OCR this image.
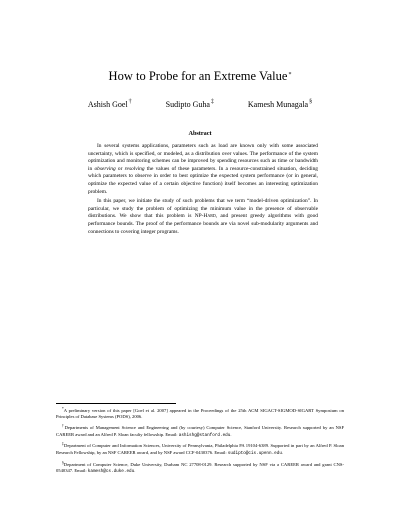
How to Probe for an Extreme Value*
Ashish Goel†	Sudipto Guha‡	Kamesh Munagala§
Abstract

In several systems applications, parameters such as load are known only with some associated uncertainty, which is specified, or modeled, as a distribution over values. The performance of the system optimization and monitoring schemes can be improved by spending resources such as time or bandwidth in observing or resolving the values of these parameters. In a resource-constrained situation, deciding which parameters to observe in order to best optimize the expected system performance (or in general, optimize the expected value of a certain objective function) itself becomes an interesting optimization problem.

In this paper, we initiate the study of such problems that we term “model-driven optimization”. In particular, we study the problem of optimizing the minimum value in the presence of observable distributions. We show that this problem is NP-Hard, and present greedy algorithms with good performance bounds. The proof of the performance bounds are via novel sub-modularity arguments and connections to covering integer programs.

*A preliminary version of this paper [Goel et al. 2007] appeared in the Proceedings of the 25th ACM SIGACT-SIGMOD-SIGART Symposium on Principles of Database Systems (PODS), 2006.

†Departments of Management Science and Engineering and (by courtesy) Computer Science, Stanford University. Research supported by an NSF CAREER award and an Alfred P. Sloan faculty fellowship. Email: ashishg@stanford.edu.

‡Department of Computer and Information Sciences, University of Pennsylvania, Philadelphia PA 19104-6389. Supported in part by an Alfred P. Sloan Research Fellowship, by an NSF CAREER award, and by NSF award CCF-0430376. Email: sudipto@cis.upenn.edu.

§Department of Computer Science, Duke University, Durham NC 27708-0129. Research supported by NSF via a CAREER award and grant CNS-0540347. Email: kamesh@cs.duke.edu.
